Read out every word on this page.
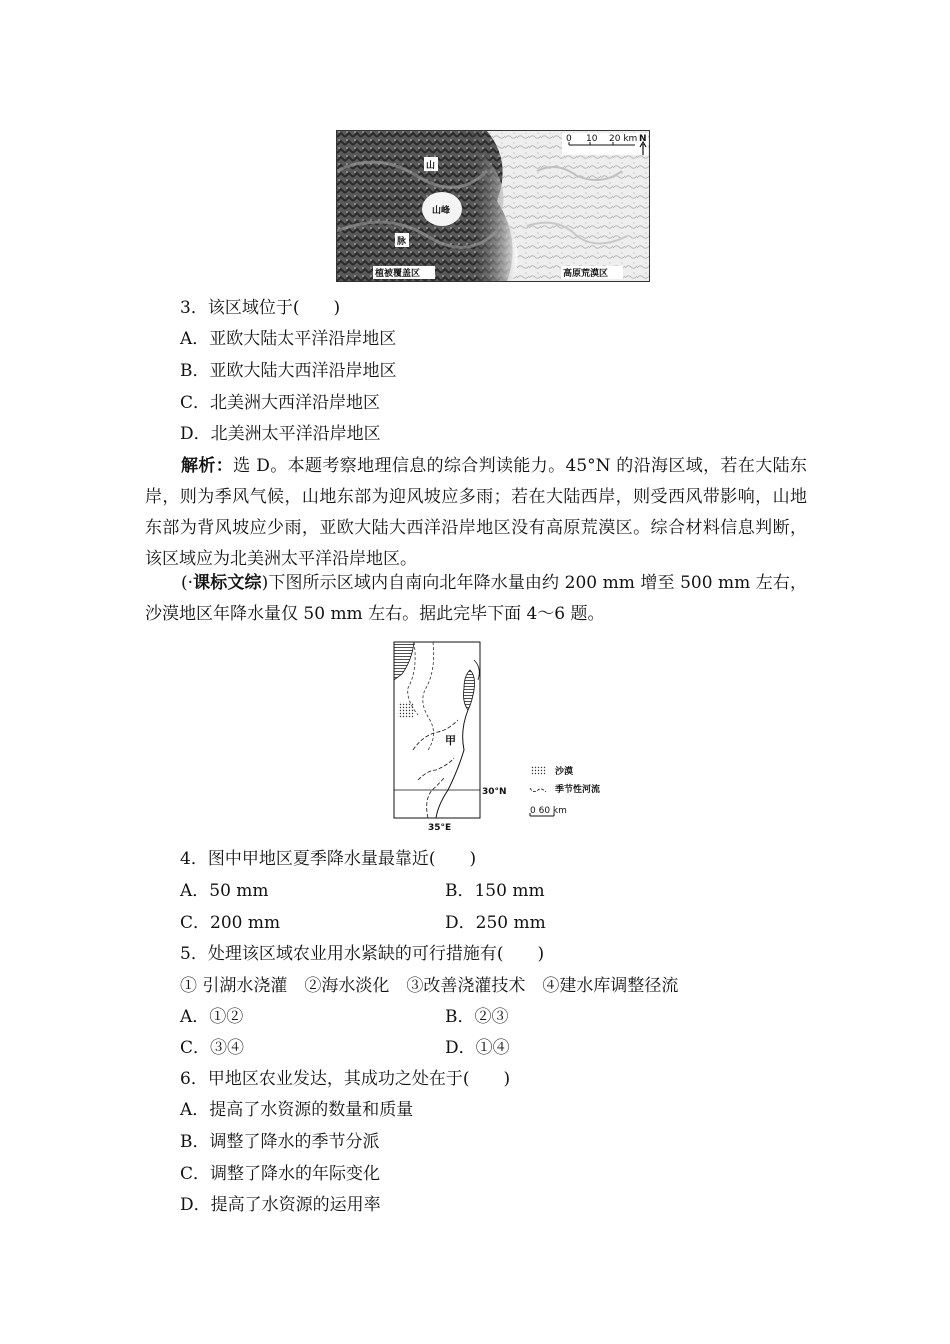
山
山峰
脉
植被覆盖区	高原荒漠区
0 10 20 km N
3．该区域位于(　　)
A．亚欧大陆太平洋沿岸地区
B．亚欧大陆大西洋沿岸地区
C．北美洲大西洋沿岸地区
D．北美洲太平洋沿岸地区
解析：选 D。本题考察地理信息的综合判读能力。45°N 的沿海区域，若在大陆东岸，则为季风气候，山地东部为迎风坡应多雨；若在大陆西岸，则受西风带影响，山地东部为背风坡应少雨，亚欧大陆大西洋沿岸地区没有高原荒漠区。综合材料信息判断，该区域应为北美洲太平洋沿岸地区。
(·课标文综)下图所示区域内自南向北年降水量由约 200 mm 增至 500 mm 左右，沙漠地区年降水量仅 50 mm 左右。据此完毕下面 4～6 题。
甲
30°N
35°E
沙漠
季节性河流
0 60 km
4．图中甲地区夏季降水量最靠近(　　)
A．50 mm	B．150 mm
C．200 mm	D．250 mm
5．处理该区域农业用水紧缺的可行措施有(　　)
① 引湖水浇灌　②海水淡化　③改善浇灌技术　④建水库调整径流
A．①②	B．②③
C．③④	D．①④
6．甲地区农业发达，其成功之处在于(　　)
A．提高了水资源的数量和质量
B．调整了降水的季节分派
C．调整了降水的年际变化
D．提高了水资源的运用率
